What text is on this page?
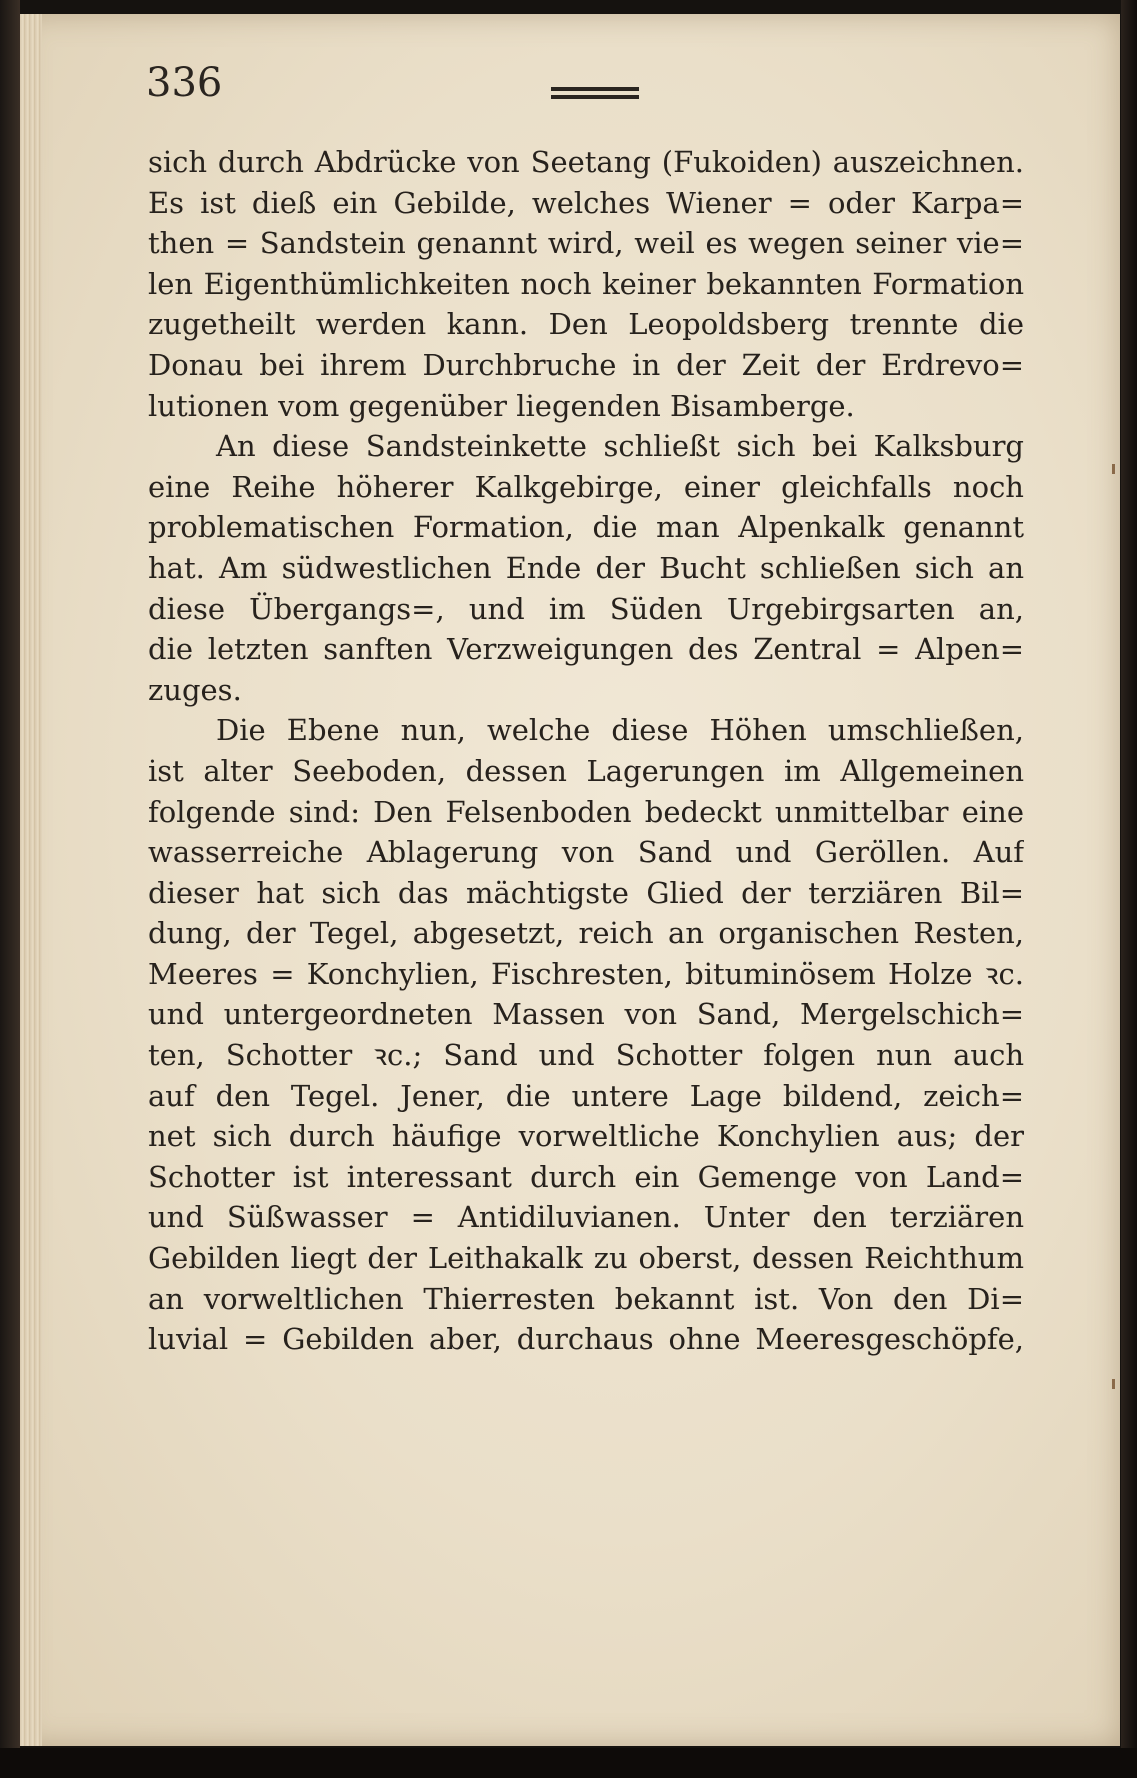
336
sich durch Abdrücke von Seetang (Fukoiden) auszeichnen.
Es ist dieß ein Gebilde, welches Wiener = oder Karpa=
then = Sandstein genannt wird, weil es wegen seiner vie=
len Eigenthümlichkeiten noch keiner bekannten Formation
zugetheilt werden kann. Den Leopoldsberg trennte die
Donau bei ihrem Durchbruche in der Zeit der Erdrevo=
lutionen vom gegenüber liegenden Bisamberge.
An diese Sandsteinkette schließt sich bei Kalksburg
eine Reihe höherer Kalkgebirge, einer gleichfalls noch
problematischen Formation, die man Alpenkalk genannt
hat. Am südwestlichen Ende der Bucht schließen sich an
diese Übergangs=, und im Süden Urgebirgsarten an,
die letzten sanften Verzweigungen des Zentral = Alpen=
zuges.
Die Ebene nun, welche diese Höhen umschließen,
ist alter Seeboden, dessen Lagerungen im Allgemeinen
folgende sind: Den Felsenboden bedeckt unmittelbar eine
wasserreiche Ablagerung von Sand und Geröllen. Auf
dieser hat sich das mächtigste Glied der terziären Bil=
dung, der Tegel, abgesetzt, reich an organischen Resten,
Meeres = Konchylien, Fischresten, bituminösem Holze ꝛc.
und untergeordneten Massen von Sand, Mergelschich=
ten, Schotter ꝛc.; Sand und Schotter folgen nun auch
auf den Tegel. Jener, die untere Lage bildend, zeich=
net sich durch häufige vorweltliche Konchylien aus; der
Schotter ist interessant durch ein Gemenge von Land=
und Süßwasser = Antidiluvianen. Unter den terziären
Gebilden liegt der Leithakalk zu oberst, dessen Reichthum
an vorweltlichen Thierresten bekannt ist. Von den Di=
luvial = Gebilden aber, durchaus ohne Meeresgeschöpfe,
